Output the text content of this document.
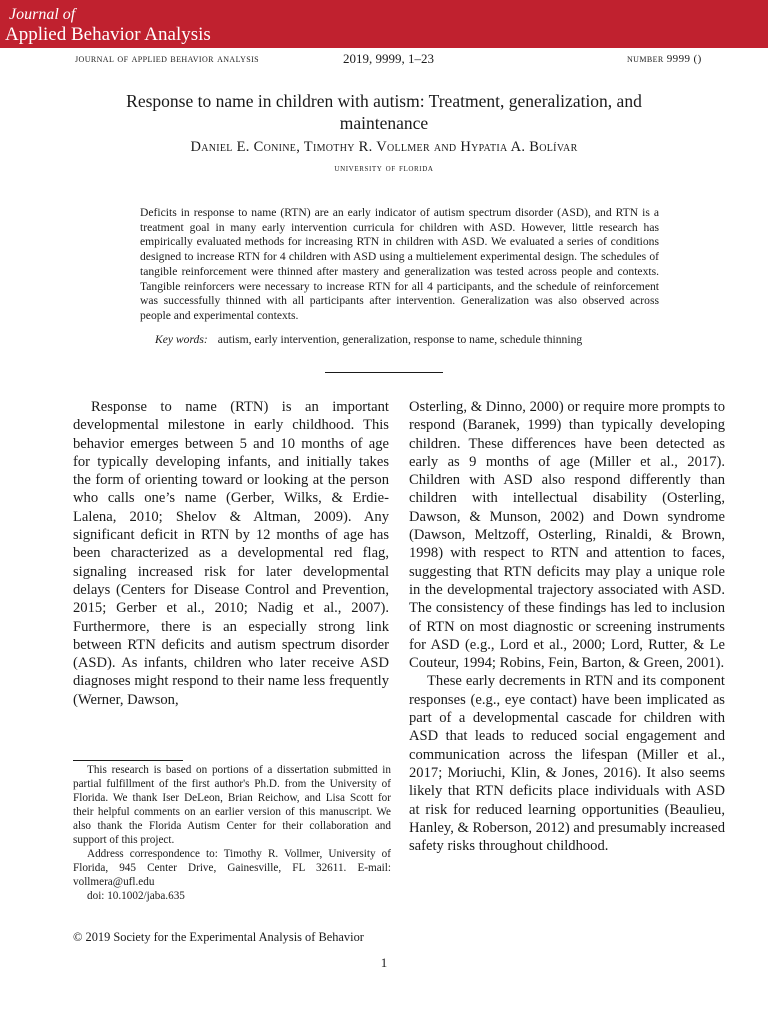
Journal of
Applied Behavior Analysis
journal of applied behavior analysis	2019, 9999, 1–23	number 9999 ()
Response to name in children with autism: Treatment, generalization, and maintenance
Daniel E. Conine, Timothy R. Vollmer and Hypatia A. Bolívar
university of florida
Deficits in response to name (RTN) are an early indicator of autism spectrum disorder (ASD), and RTN is a treatment goal in many early intervention curricula for children with ASD. However, little research has empirically evaluated methods for increasing RTN in children with ASD. We evaluated a series of conditions designed to increase RTN for 4 children with ASD using a multielement experimental design. The schedules of tangible reinforcement were thinned after mastery and generalization was tested across people and contexts. Tangible reinforcers were necessary to increase RTN for all 4 participants, and the schedule of reinforcement was successfully thinned with all participants after intervention. Generalization was also observed across people and experimental contexts.
Key words: autism, early intervention, generalization, response to name, schedule thinning

Response to name (RTN) is an important developmental milestone in early childhood. This behavior emerges between 5 and 10 months of age for typically developing infants, and initially takes the form of orienting toward or looking at the person who calls one’s name (Gerber, Wilks, & Erdie-Lalena, 2010; Shelov & Altman, 2009). Any significant deficit in RTN by 12 months of age has been characterized as a developmental red flag, signaling increased risk for later developmental delays (Centers for Disease Control and Prevention, 2015; Gerber et al., 2010; Nadig et al., 2007). Furthermore, there is an especially strong link between RTN deficits and autism spectrum disorder (ASD). As infants, children who later receive ASD diagnoses might respond to their name less frequently (Werner, Dawson,

Osterling, & Dinno, 2000) or require more prompts to respond (Baranek, 1999) than typically developing children. These differences have been detected as early as 9 months of age (Miller et al., 2017). Children with ASD also respond differently than children with intellectual disability (Osterling, Dawson, & Munson, 2002) and Down syndrome (Dawson, Meltzoff, Osterling, Rinaldi, & Brown, 1998) with respect to RTN and attention to faces, suggesting that RTN deficits may play a unique role in the developmental trajectory associated with ASD. The consistency of these findings has led to inclusion of RTN on most diagnostic or screening instruments for ASD (e.g., Lord et al., 2000; Lord, Rutter, & Le Couteur, 1994; Robins, Fein, Barton, & Green, 2001).

These early decrements in RTN and its component responses (e.g., eye contact) have been implicated as part of a developmental cascade for children with ASD that leads to reduced social engagement and communication across the lifespan (Miller et al., 2017; Moriuchi, Klin, & Jones, 2016). It also seems likely that RTN deficits place individuals with ASD at risk for reduced learning opportunities (Beaulieu, Hanley, & Roberson, 2012) and presumably increased safety risks throughout childhood.

This research is based on portions of a dissertation submitted in partial fulfillment of the first author's Ph.D. from the University of Florida. We thank Iser DeLeon, Brian Reichow, and Lisa Scott for their helpful comments on an earlier version of this manuscript. We also thank the Florida Autism Center for their collaboration and support of this project.

Address correspondence to: Timothy R. Vollmer, University of Florida, 945 Center Drive, Gainesville, FL 32611. E-mail: vollmera@ufl.edu

doi: 10.1002/jaba.635

© 2019 Society for the Experimental Analysis of Behavior
1
